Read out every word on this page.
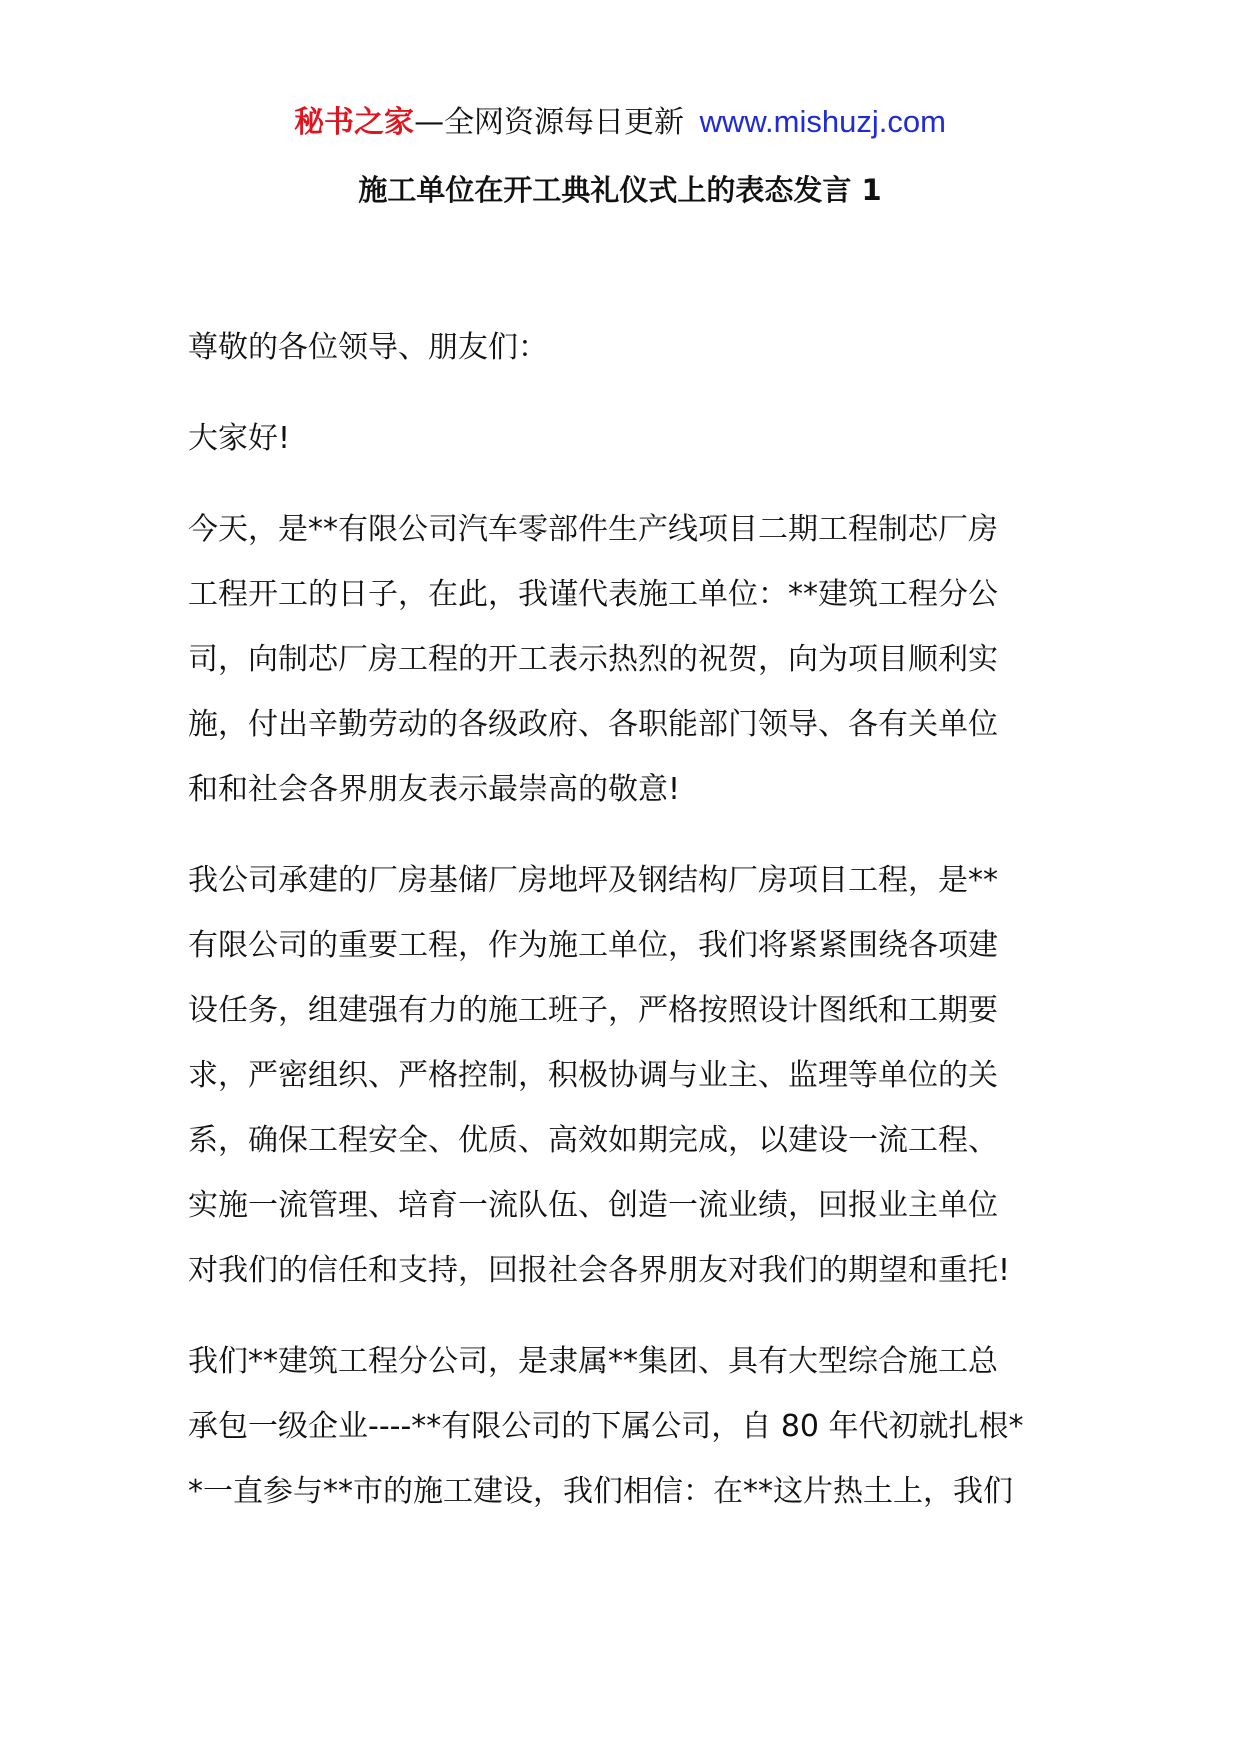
秘书之家—全网资源每日更新 www.mishuzj.com
施工单位在开工典礼仪式上的表态发言 1

尊敬的各位领导、朋友们：

大家好!

今天，是**有限公司汽车零部件生产线项目二期工程制芯厂房
工程开工的日子，在此，我谨代表施工单位：**建筑工程分公
司，向制芯厂房工程的开工表示热烈的祝贺，向为项目顺利实
施，付出辛勤劳动的各级政府、各职能部门领导、各有关单位
和和社会各界朋友表示最崇高的敬意!

我公司承建的厂房基储厂房地坪及钢结构厂房项目工程，是**
有限公司的重要工程，作为施工单位，我们将紧紧围绕各项建
设任务，组建强有力的施工班子，严格按照设计图纸和工期要
求，严密组织、严格控制，积极协调与业主、监理等单位的关
系，确保工程安全、优质、高效如期完成，以建设一流工程、
实施一流管理、培育一流队伍、创造一流业绩，回报业主单位
对我们的信任和支持，回报社会各界朋友对我们的期望和重托!

我们**建筑工程分公司，是隶属**集团、具有大型综合施工总
承包一级企业----**有限公司的下属公司，自 80 年代初就扎根*
*一直参与**市的施工建设，我们相信：在**这片热土上，我们
